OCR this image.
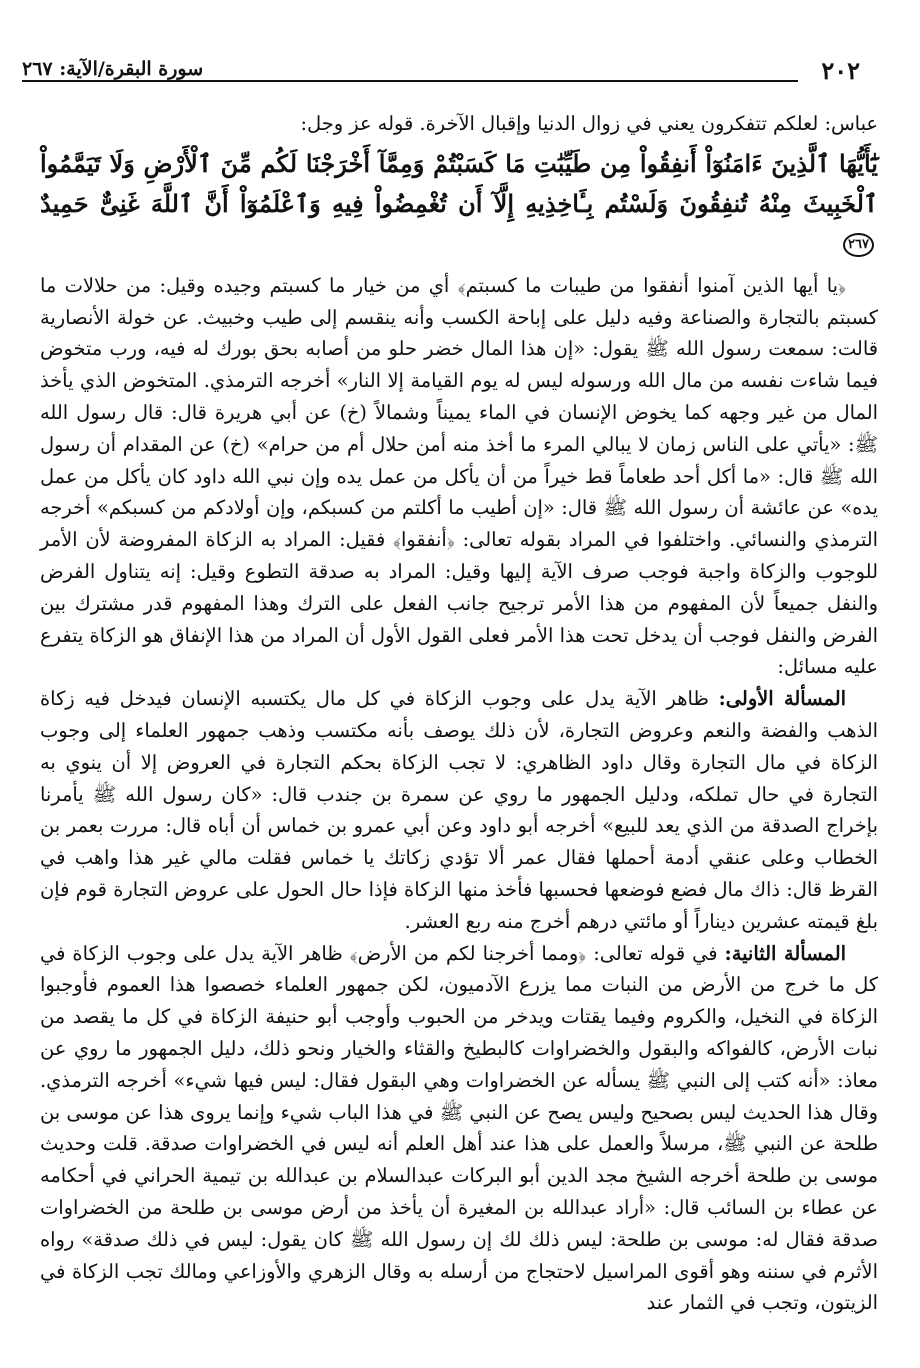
٢٠٢
سورة البقرة/الآية: ٢٦٧

عباس: لعلكم تتفكرون يعني في زوال الدنيا وإقبال الآخرة. قوله عز وجل:

يَٰٓأَيُّهَا ٱلَّذِينَ ءَامَنُوٓاْ أَنفِقُواْ مِن طَيِّبَٰتِ مَا كَسَبْتُمْ وَمِمَّآ أَخْرَجْنَا لَكُم مِّنَ ٱلْأَرْضِ وَلَا تَيَمَّمُواْ ٱلْخَبِيثَ مِنْهُ تُنفِقُونَ وَلَسْتُم بِـَٔاخِذِيهِ إِلَّآ أَن تُغْمِضُواْ فِيهِ وَٱعْلَمُوٓاْ أَنَّ ٱللَّهَ غَنِىٌّ حَمِيدٌ ٢٦٧

﴿يا أيها الذين آمنوا أنفقوا من طيبات ما كسبتم﴾ أي من خيار ما كسبتم وجيده وقيل: من حلالات ما كسبتم بالتجارة والصناعة وفيه دليل على إباحة الكسب وأنه ينقسم إلى طيب وخبيث. عن خولة الأنصارية قالت: سمعت رسول الله ﷺ يقول: «إن هذا المال خضر حلو من أصابه بحق بورك له فيه، ورب متخوض فيما شاءت نفسه من مال الله ورسوله ليس له يوم القيامة إلا النار» أخرجه الترمذي. المتخوض الذي يأخذ المال من غير وجهه كما يخوض الإنسان في الماء يميناً وشمالاً (خ) عن أبي هريرة قال: قال رسول الله ﷺ: «يأتي على الناس زمان لا يبالي المرء ما أخذ منه أمن حلال أم من حرام» (خ) عن المقدام أن رسول الله ﷺ قال: «ما أكل أحد طعاماً قط خيراً من أن يأكل من عمل يده وإن نبي الله داود كان يأكل من عمل يده» عن عائشة أن رسول الله ﷺ قال: «إن أطيب ما أكلتم من كسبكم، وإن أولادكم من كسبكم» أخرجه الترمذي والنسائي. واختلفوا في المراد بقوله تعالى: ﴿أنفقوا﴾ فقيل: المراد به الزكاة المفروضة لأن الأمر للوجوب والزكاة واجبة فوجب صرف الآية إليها وقيل: المراد به صدقة التطوع وقيل: إنه يتناول الفرض والنفل جميعاً لأن المفهوم من هذا الأمر ترجيح جانب الفعل على الترك وهذا المفهوم قدر مشترك بين الفرض والنفل فوجب أن يدخل تحت هذا الأمر فعلى القول الأول أن المراد من هذا الإنفاق هو الزكاة يتفرع عليه مسائل:

المسألة الأولى: ظاهر الآية يدل على وجوب الزكاة في كل مال يكتسبه الإنسان فيدخل فيه زكاة الذهب والفضة والنعم وعروض التجارة، لأن ذلك يوصف بأنه مكتسب وذهب جمهور العلماء إلى وجوب الزكاة في مال التجارة وقال داود الظاهري: لا تجب الزكاة بحكم التجارة في العروض إلا أن ينوي به التجارة في حال تملكه، ودليل الجمهور ما روي عن سمرة بن جندب قال: «كان رسول الله ﷺ يأمرنا بإخراج الصدقة من الذي يعد للبيع» أخرجه أبو داود وعن أبي عمرو بن خماس أن أباه قال: مررت بعمر بن الخطاب وعلى عنقي أدمة أحملها فقال عمر ألا تؤدي زكاتك يا خماس فقلت مالي غير هذا واهب في القرظ قال: ذاك مال فضع فوضعها فحسبها فأخذ منها الزكاة فإذا حال الحول على عروض التجارة قوم فإن بلغ قيمته عشرين ديناراً أو مائتي درهم أخرج منه ربع العشر.

المسألة الثانية: في قوله تعالى: ﴿ومما أخرجنا لكم من الأرض﴾ ظاهر الآية يدل على وجوب الزكاة في كل ما خرج من الأرض من النبات مما يزرع الآدميون، لكن جمهور العلماء خصصوا هذا العموم فأوجبوا الزكاة في النخيل، والكروم وفيما يقتات ويدخر من الحبوب وأوجب أبو حنيفة الزكاة في كل ما يقصد من نبات الأرض، كالفواكه والبقول والخضراوات كالبطيخ والقثاء والخيار ونحو ذلك، دليل الجمهور ما روي عن معاذ: «أنه كتب إلى النبي ﷺ يسأله عن الخضراوات وهي البقول فقال: ليس فيها شيء» أخرجه الترمذي. وقال هذا الحديث ليس بصحيح وليس يصح عن النبي ﷺ في هذا الباب شيء وإنما يروى هذا عن موسى بن طلحة عن النبي ﷺ، مرسلاً والعمل على هذا عند أهل العلم أنه ليس في الخضراوات صدقة. قلت وحديث موسى بن طلحة أخرجه الشيخ مجد الدين أبو البركات عبدالسلام بن عبدالله بن تيمية الحراني في أحكامه عن عطاء بن السائب قال: «أراد عبدالله بن المغيرة أن يأخذ من أرض موسى بن طلحة من الخضراوات صدقة فقال له: موسى بن طلحة: ليس ذلك لك إن رسول الله ﷺ كان يقول: ليس في ذلك صدقة» رواه الأثرم في سننه وهو أقوى المراسيل لاحتجاج من أرسله به وقال الزهري والأوزاعي ومالك تجب الزكاة في الزيتون، وتجب في الثمار عند
